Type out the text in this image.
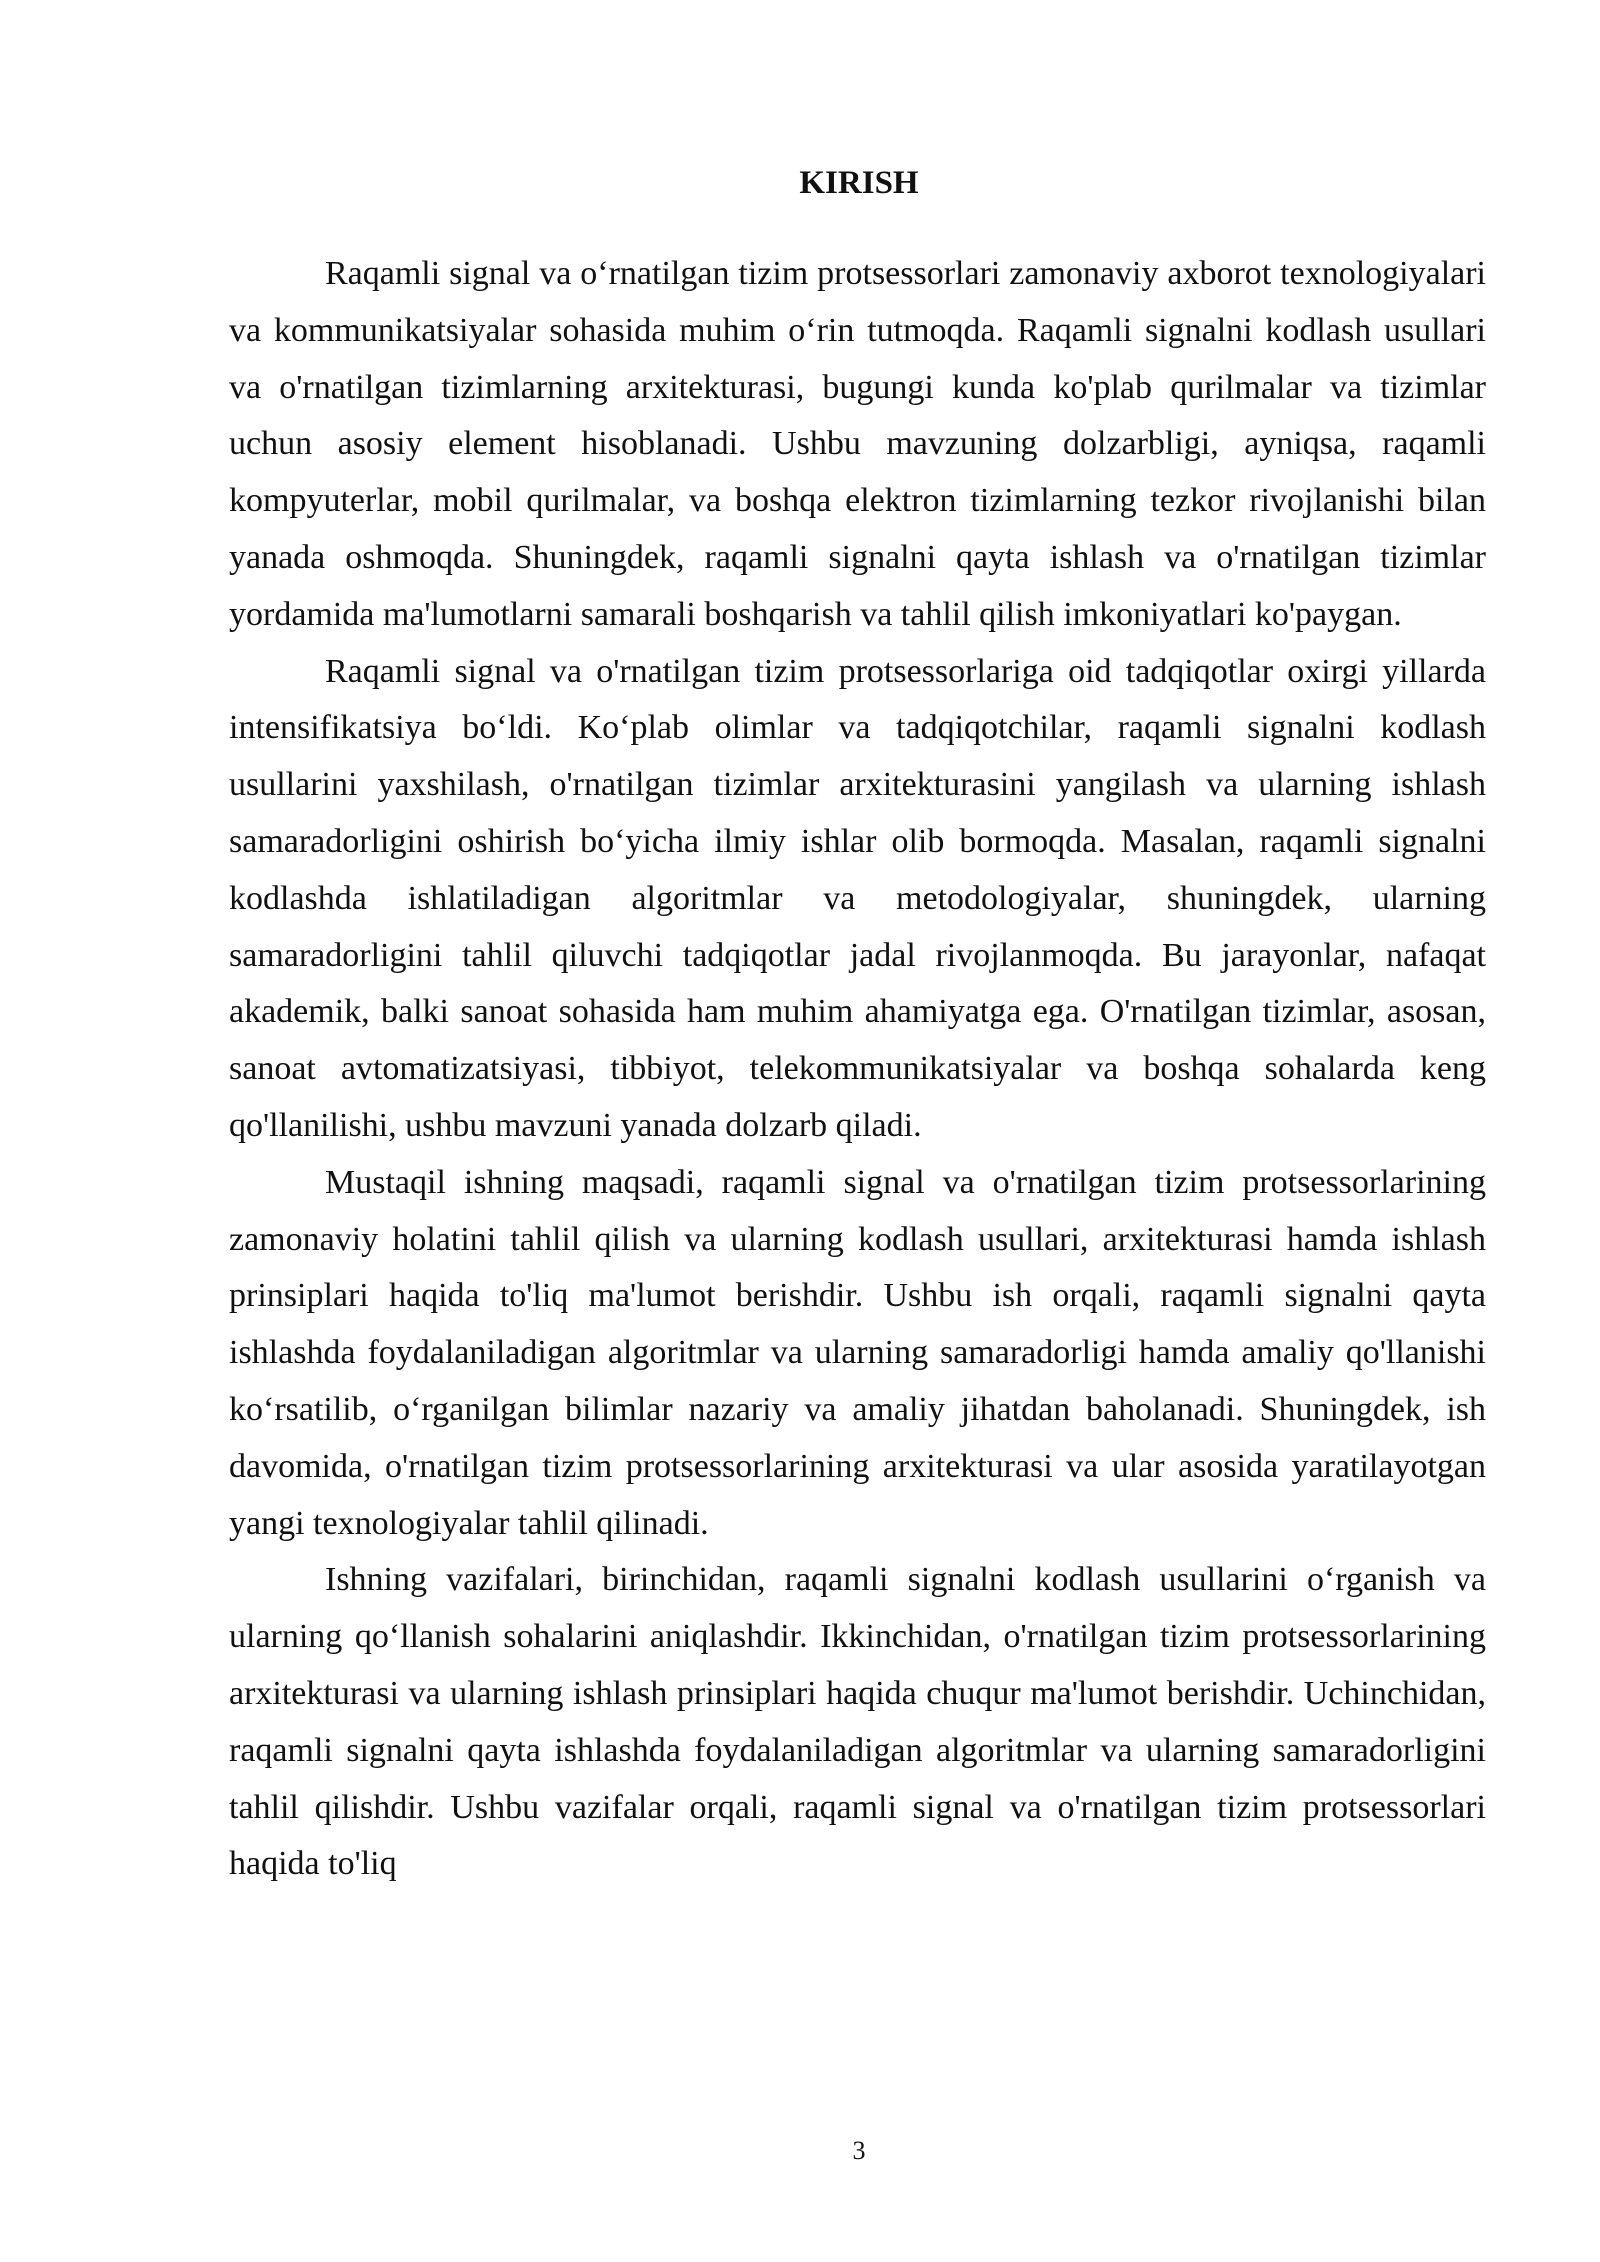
KIRISH

Raqamli signal va o‘rnatilgan tizim protsessorlari zamonaviy axborot texnologiyalari va kommunikatsiyalar sohasida muhim o‘rin tutmoqda. Raqamli signalni kodlash usullari va o'rnatilgan tizimlarning arxitekturasi, bugungi kunda ko'plab qurilmalar va tizimlar uchun asosiy element hisoblanadi. Ushbu mavzuning dolzarbligi, ayniqsa, raqamli kompyuterlar, mobil qurilmalar, va boshqa elektron tizimlarning tezkor rivojlanishi bilan yanada oshmoqda. Shuningdek, raqamli signalni qayta ishlash va o'rnatilgan tizimlar yordamida ma'lumotlarni samarali boshqarish va tahlil qilish imkoniyatlari ko'paygan.

Raqamli signal va o'rnatilgan tizim protsessorlariga oid tadqiqotlar oxirgi yillarda intensifikatsiya bo‘ldi. Ko‘plab olimlar va tadqiqotchilar, raqamli signalni kodlash usullarini yaxshilash, o'rnatilgan tizimlar arxitekturasini yangilash va ularning ishlash samaradorligini oshirish bo‘yicha ilmiy ishlar olib bormoqda. Masalan, raqamli signalni kodlashda ishlatiladigan algoritmlar va metodologiyalar, shuningdek, ularning samaradorligini tahlil qiluvchi tadqiqotlar jadal rivojlanmoqda. Bu jarayonlar, nafaqat akademik, balki sanoat sohasida ham muhim ahamiyatga ega. O'rnatilgan tizimlar, asosan, sanoat avtomatizatsiyasi, tibbiyot, telekommunikatsiyalar va boshqa sohalarda keng qo'llanilishi, ushbu mavzuni yanada dolzarb qiladi.

Mustaqil ishning maqsadi, raqamli signal va o'rnatilgan tizim protsessorlarining zamonaviy holatini tahlil qilish va ularning kodlash usullari, arxitekturasi hamda ishlash prinsiplari haqida to'liq ma'lumot berishdir. Ushbu ish orqali, raqamli signalni qayta ishlashda foydalaniladigan algoritmlar va ularning samaradorligi hamda amaliy qo'llanishi ko‘rsatilib, o‘rganilgan bilimlar nazariy va amaliy jihatdan baholanadi. Shuningdek, ish davomida, o'rnatilgan tizim protsessorlarining arxitekturasi va ular asosida yaratilayotgan yangi texnologiyalar tahlil qilinadi.

Ishning vazifalari, birinchidan, raqamli signalni kodlash usullarini o‘rganish va ularning qo‘llanish sohalarini aniqlashdir. Ikkinchidan, o'rnatilgan tizim protsessorlarining arxitekturasi va ularning ishlash prinsiplari haqida chuqur ma'lumot berishdir. Uchinchidan, raqamli signalni qayta ishlashda foydalaniladigan algoritmlar va ularning samaradorligini tahlil qilishdir. Ushbu vazifalar orqali, raqamli signal va o'rnatilgan tizim protsessorlari haqida to'liq

3
